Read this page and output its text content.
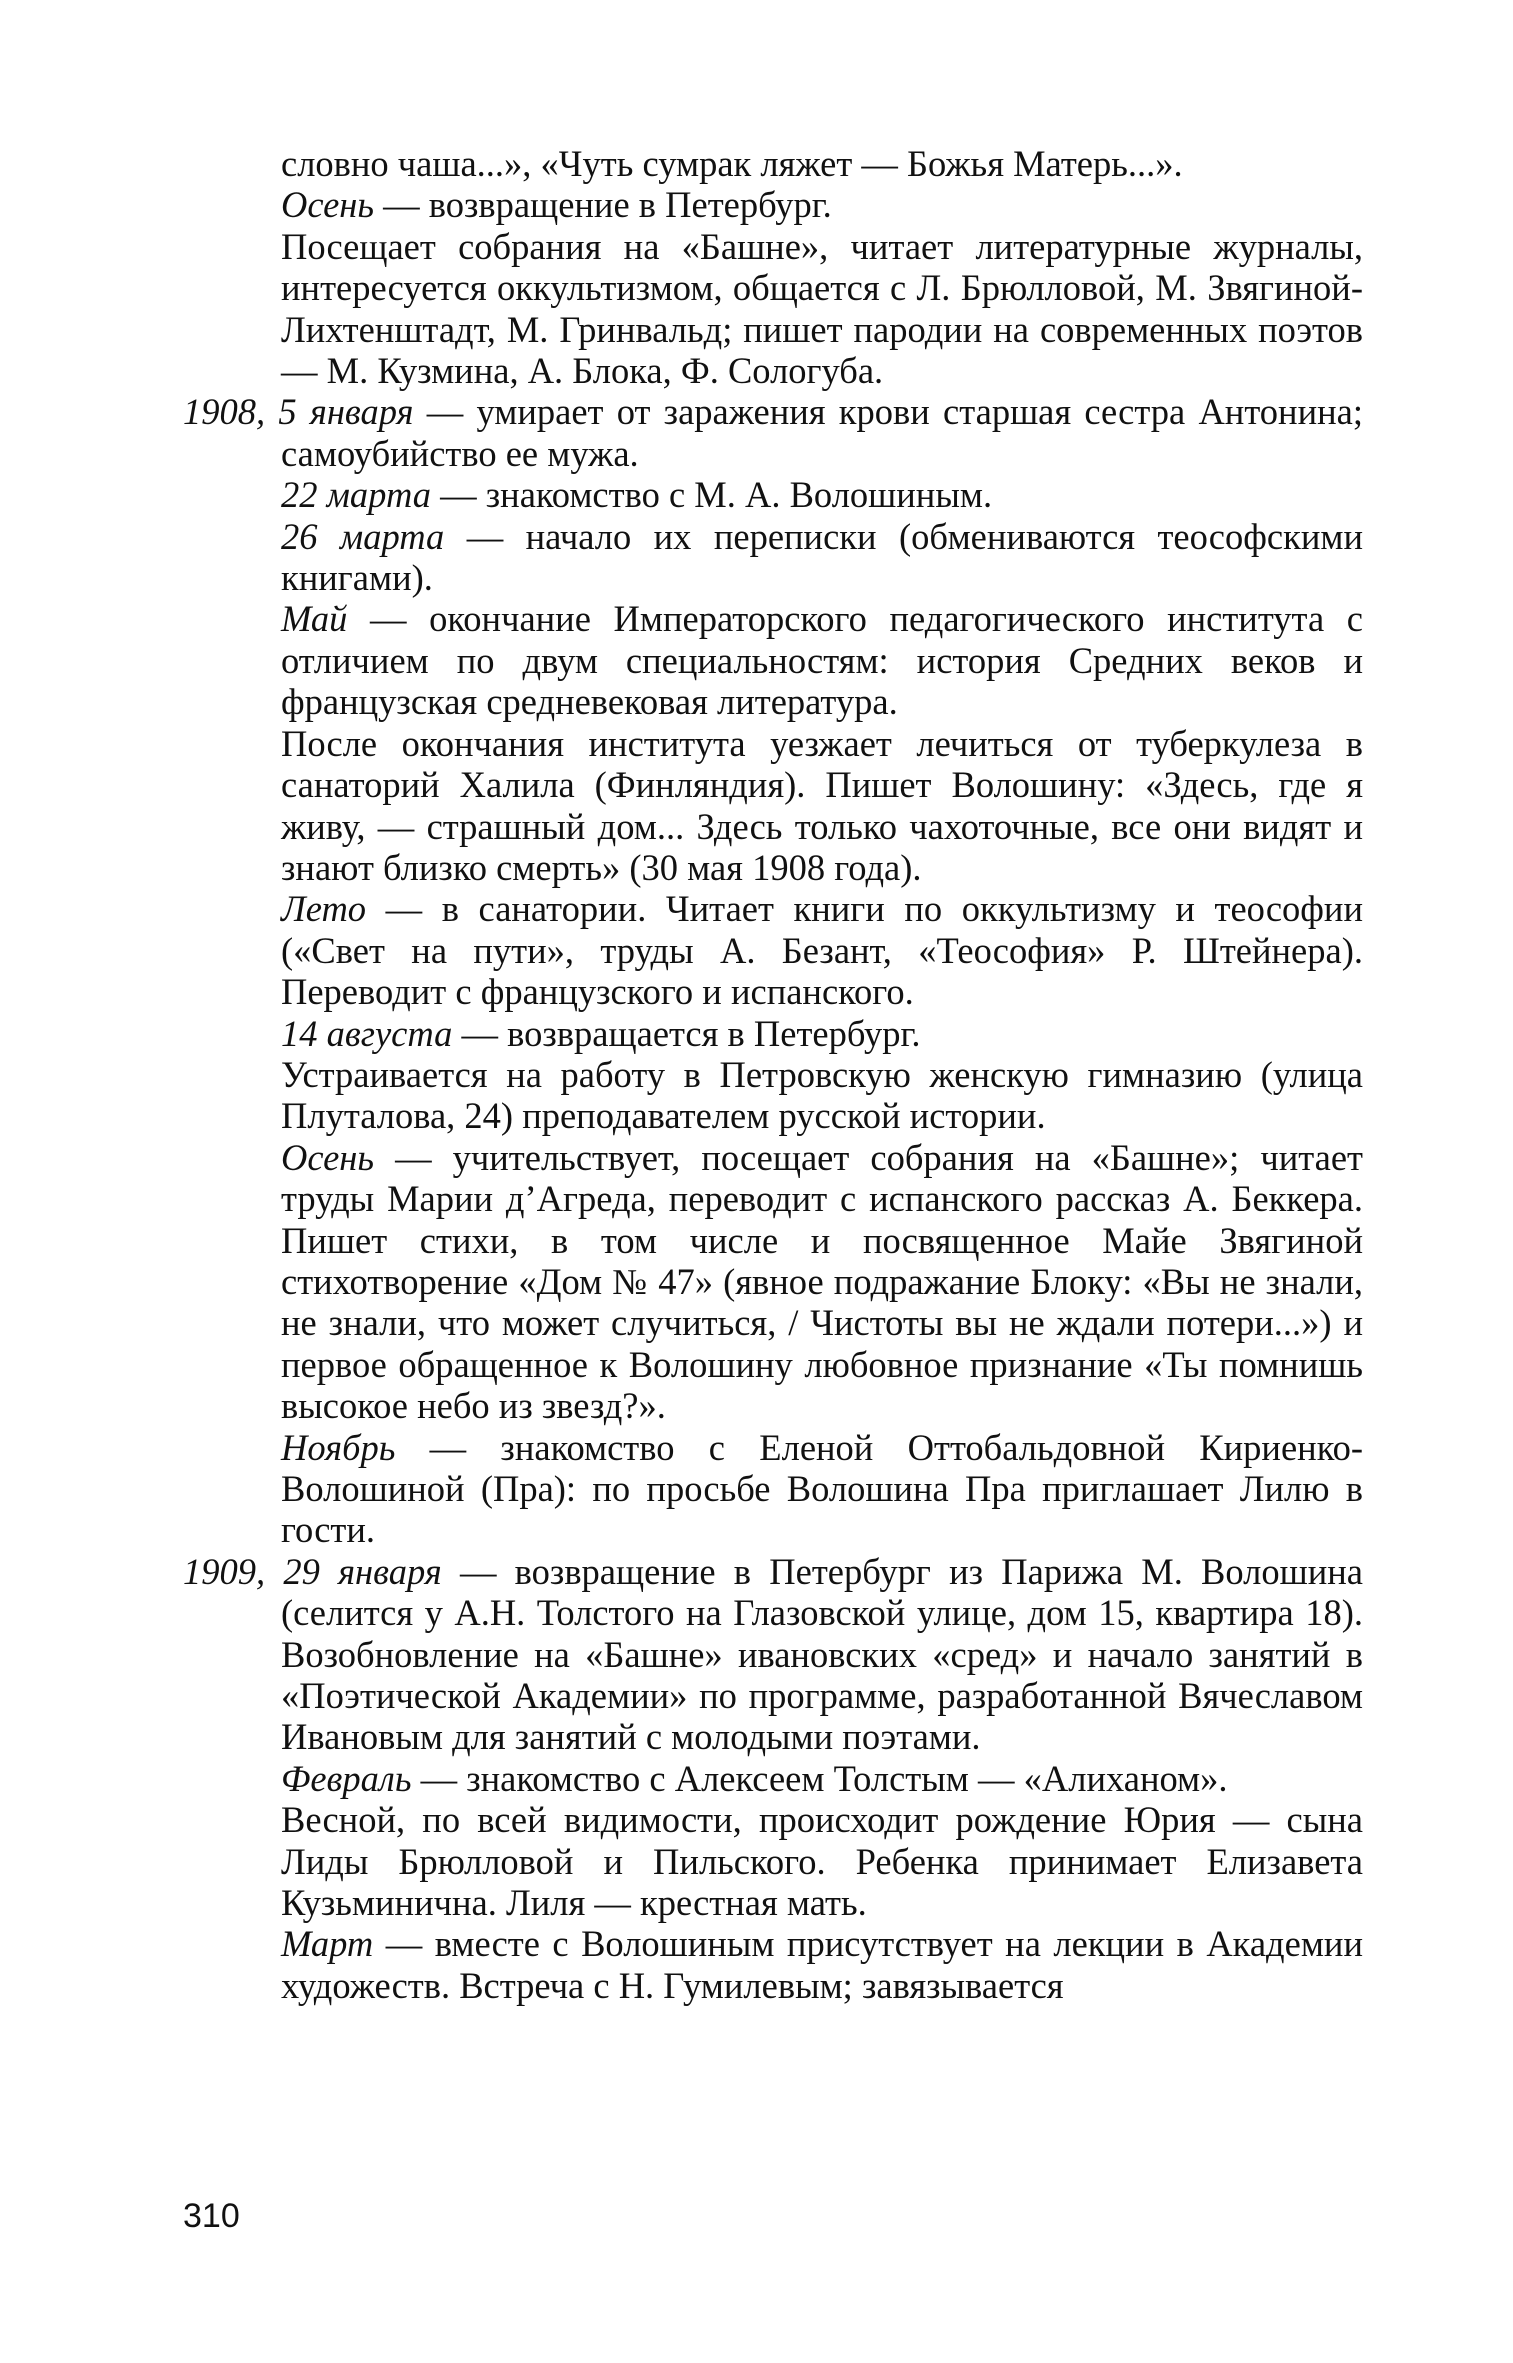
словно чаша...», «Чуть сумрак ляжет — Божья Матерь...».

Осень — возвращение в Петербург.

Посещает собрания на «Башне», читает литературные журналы, интересуется оккультизмом, общается с Л. Брюлловой, М. Звягиной-Лихтенштадт, М. Гринвальд; пишет пародии на современных поэтов — М. Кузмина, А. Блока, Ф. Сологуба.

1908, 5 января — умирает от заражения крови старшая сестра Антонина; самоубийство ее мужа.

22 марта — знакомство с М. А. Волошиным.

26 марта — начало их переписки (обмениваются теософскими книгами).

Май — окончание Императорского педагогического института с отличием по двум специальностям: история Средних веков и французская средневековая литература.

После окончания института уезжает лечиться от туберкулеза в санаторий Халила (Финляндия). Пишет Волошину: «Здесь, где я живу, — страшный дом... Здесь только чахоточные, все они видят и знают близко смерть» (30 мая 1908 года).

Лето — в санатории. Читает книги по оккультизму и теософии («Свет на пути», труды А. Безант, «Теософия» Р. Штейнера). Переводит с французского и испанского.

14 августа — возвращается в Петербург.

Устраивается на работу в Петровскую женскую гимназию (улица Плуталова, 24) преподавателем русской истории.

Осень — учительствует, посещает собрания на «Башне»; читает труды Марии д’Агреда, переводит с испанского рассказ А. Беккера. Пишет стихи, в том числе и посвященное Майе Звягиной стихотворение «Дом № 47» (явное подражание Блоку: «Вы не знали, не знали, что может случиться, / Чистоты вы не ждали потери...») и первое обращенное к Волошину любовное признание «Ты помнишь высокое небо из звезд?».

Ноябрь — знакомство с Еленой Оттобальдовной Кириенко-Волошиной (Пра): по просьбе Волошина Пра приглашает Лилю в гости.

1909, 29 января — возвращение в Петербург из Парижа М. Волошина (селится у А.Н. Толстого на Глазовской улице, дом 15, квартира 18). Возобновление на «Башне» ивановских «сред» и начало занятий в «Поэтической Академии» по программе, разработанной Вячеславом Ивановым для занятий с молодыми поэтами.

Февраль — знакомство с Алексеем Толстым — «Алиханом».

Весной, по всей видимости, происходит рождение Юрия — сына Лиды Брюлловой и Пильского. Ребенка принимает Елизавета Кузьминична. Лиля — крестная мать.

Март — вместе с Волошиным присутствует на лекции в Академии художеств. Встреча с Н. Гумилевым; завязывается

310
